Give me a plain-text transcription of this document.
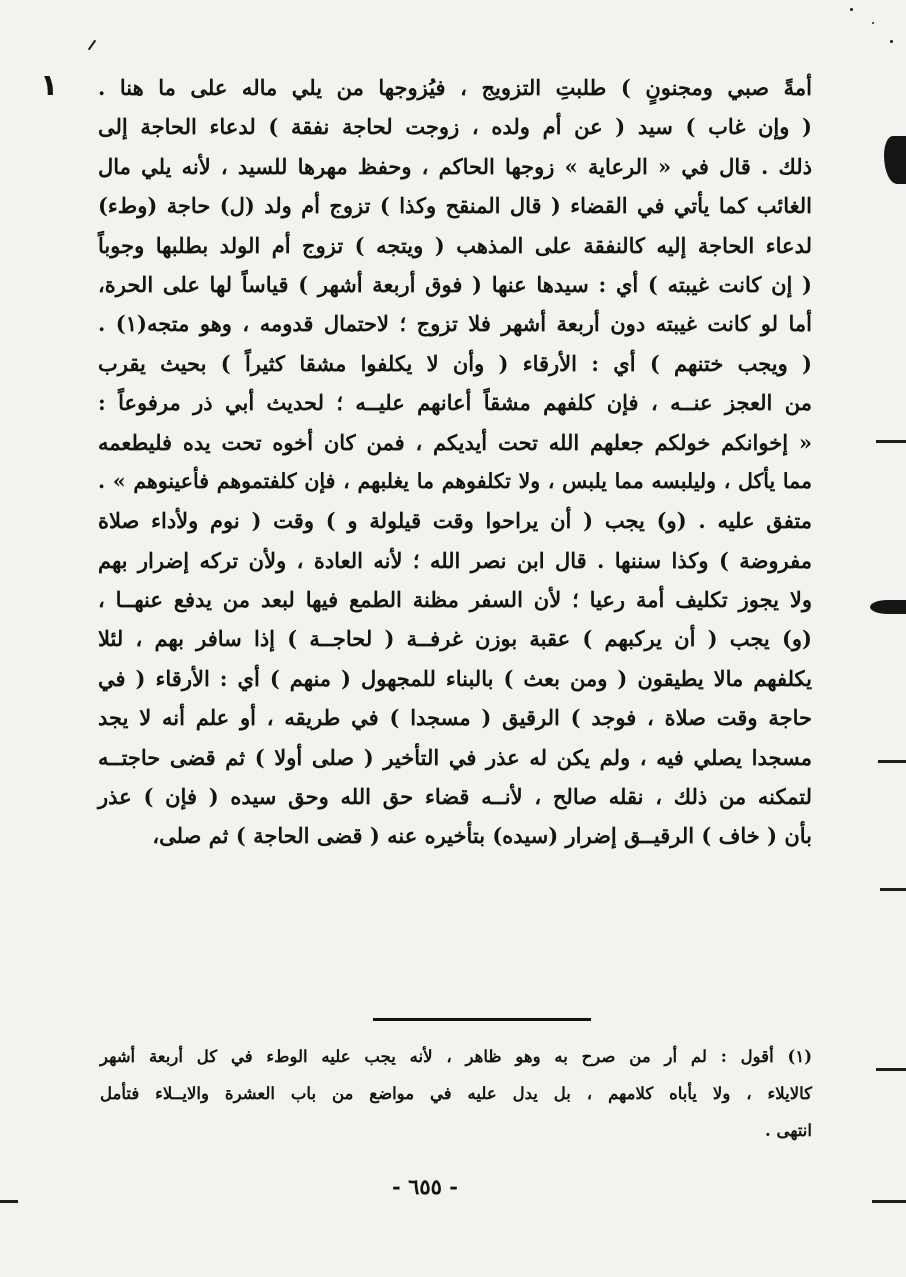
١ أمةً صبي ومجنونٍ ) طلبتِ التزويج ، فيُزوجها من يلي ماله على ما هنا .
( وإن غاب ) سيد ( عن أم ولده ، زوجت لحاجة نفقة ) لدعاء الحاجة إلى
ذلك . قال في « الرعاية » زوجها الحاكم ، وحفظ مهرها للسيد ، لأنه يلي مال
الغائب كما يأتي في القضاء ( قال المنقح وكذا ) تزوج أم ولد (ل) حاجة (وطء)
لدعاء الحاجة إليه كالنفقة على المذهب ( ويتجه ) تزوج أم الولد بطلبها وجوباً
( إن كانت غيبته ) أي : سيدها عنها ( فوق أربعة أشهر ) قياساً لها على الحرة،
أما لو كانت غيبته دون أربعة أشهر فلا تزوج ؛ لاحتمال قدومه ، وهو متجه(١) .
( ويجب ختنهم ) أي : الأرقاء ( وأن لا يكلفوا مشقا كثيراً ) بحيث يقرب
من العجز عنــه ، فإن كلفهم مشقاً أعانهم عليــه ؛ لحديث أبي ذر مرفوعاً :
« إخوانكم خولكم جعلهم الله تحت أيديكم ، فمن كان أخوه تحت يده فليطعمه
مما يأكل ، وليلبسه مما يلبس ، ولا تكلفوهم ما يغلبهم ، فإن كلفتموهم فأعينوهم » .
متفق عليه . (و) يجب ( أن يراحوا وقت قيلولة و ) وقت ( نوم ولأداء صلاة
مفروضة ) وكذا سننها . قال ابن نصر الله ؛ لأنه العادة ، ولأن تركه إضرار بهم
ولا يجوز تكليف أمة رعيا ؛ لأن السفر مظنة الطمع فيها لبعد من يدفع عنهــا ،
(و) يجب ( أن يركبهم ) عقبة بوزن غرفــة ( لحاجــة ) إذا سافر بهم ، لئلا
يكلفهم مالا يطيقون ( ومن بعث ) بالبناء للمجهول ( منهم ) أي : الأرقاء ( في
حاجة وقت صلاة ، فوجد ) الرقيق ( مسجدا ) في طريقه ، أو علم أنه لا يجد
مسجدا يصلي فيه ، ولم يكن له عذر في التأخير ( صلى أولا ) ثم قضى حاجتــه
لتمكنه من ذلك ، نقله صالح ، لأنــه قضاء حق الله وحق سيده ( فإن ) عذر
بأن ( خاف ) الرقيــق إضرار (سيده) بتأخيره عنه ( قضى الحاجة ) ثم صلى،
(١) أقول : لم أر من صرح به وهو ظاهر ، لأنه يجب عليه الوطء في كل أربعة أشهر
كالايلاء ، ولا يأباه كلامهم ، بل يدل عليه في مواضع من باب العشرة والايــلاء فتأمل
انتهى .
- ٦٥٥ -
